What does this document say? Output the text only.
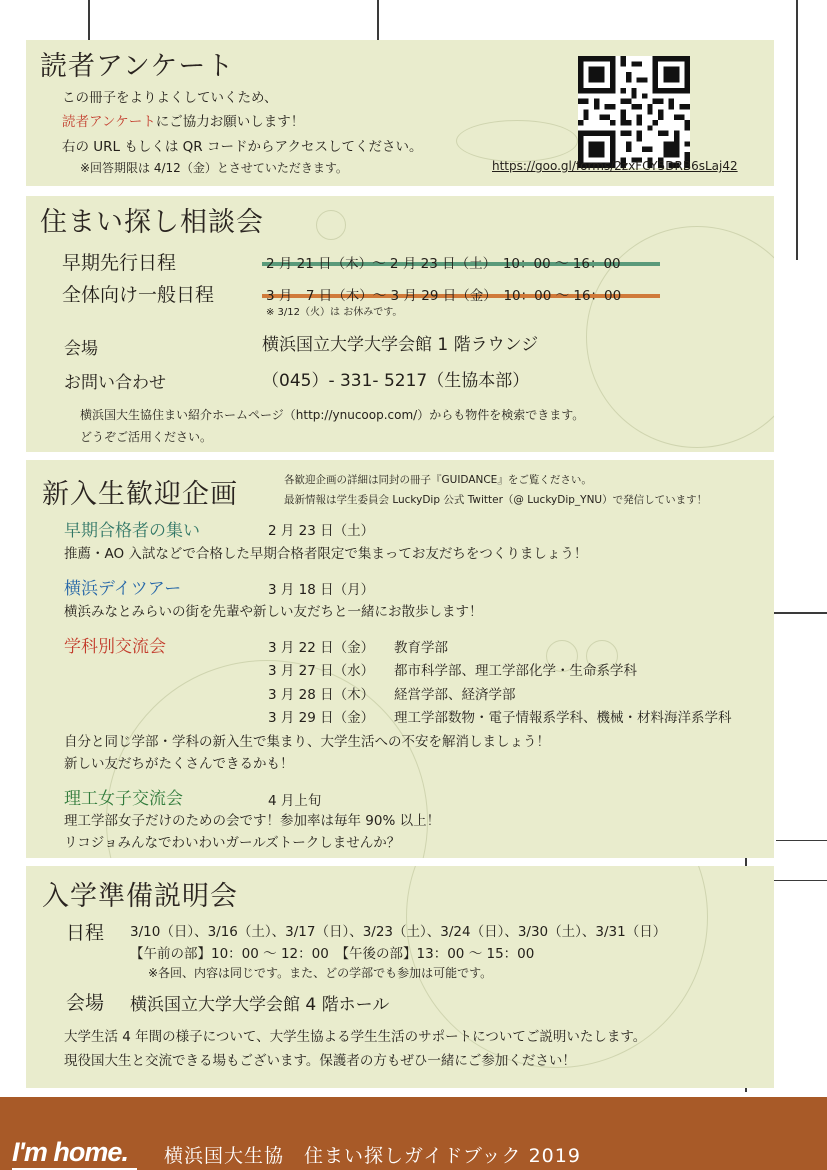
読者アンケート
この冊子をよりよくしていくため、
読者アンケートにご協力お願いします！
右の URL もしくは QR コードからアクセスしてください。
※回答期限は 4/12（金）とさせていただきます。	https://goo.gl/forms/2zxFCY5DRB6sLaj42
住まい探し相談会
早期先行日程	2 月 21 日（木）～ 2 月 23 日（土）　10：00 ～ 16：00
全体向け一般日程	3 月　7 日（木）～ 3 月 29 日（金）　10：00 ～ 16：00
※ 3/12（火）は お休みです。
会場	横浜国立大学大学会館 1 階ラウンジ
お問い合わせ	（045）- 331- 5217（生協本部）
横浜国大生協住まい紹介ホームページ（http://ynucoop.com/）からも物件を検索できます。
どうぞご活用ください。
新入生歓迎企画	各歓迎企画の詳細は同封の冊子『GUIDANCE』をご覧ください。
最新情報は学生委員会 LuckyDip 公式 Twitter（@ LuckyDip_YNU）で発信しています！
早期合格者の集い	2 月 23 日（土）
推薦・AO 入試などで合格した早期合格者限定で集まってお友だちをつくりましょう！
横浜デイツアー	3 月 18 日（月）
横浜みなとみらいの街を先輩や新しい友だちと一緒にお散歩します！
学科別交流会	3 月 22 日（金） 教育学部
3 月 27 日（水） 都市科学部、理工学部化学・生命系学科
3 月 28 日（木） 経営学部、経済学部
3 月 29 日（金） 理工学部数物・電子情報系学科、機械・材料海洋系学科
自分と同じ学部・学科の新入生で集まり、大学生活への不安を解消しましょう！
新しい友だちがたくさんできるかも！
理工女子交流会	4 月上旬
理工学部女子だけのための会です！参加率は毎年 90% 以上！
リコジョみんなでわいわいガールズトークしませんか？
入学準備説明会
日程 3/10（日）、3/16（土）、3/17（日）、3/23（土）、3/24（日）、3/30（土）、3/31（日）
【午前の部】10：00 ～ 12：00　【午後の部】13：00 ～ 15：00
※各回、内容は同じです。また、どの学部でも参加は可能です。
会場 横浜国立大学大学会館 4 階ホール
大学生活 4 年間の様子について、大学生協よる学生生活のサポートについてご説明いたします。
現役国大生と交流できる場もございます。保護者の方もぜひ一緒にご参加ください！
I'm home. 横浜国大生協　住まい探しガイドブック 2019
